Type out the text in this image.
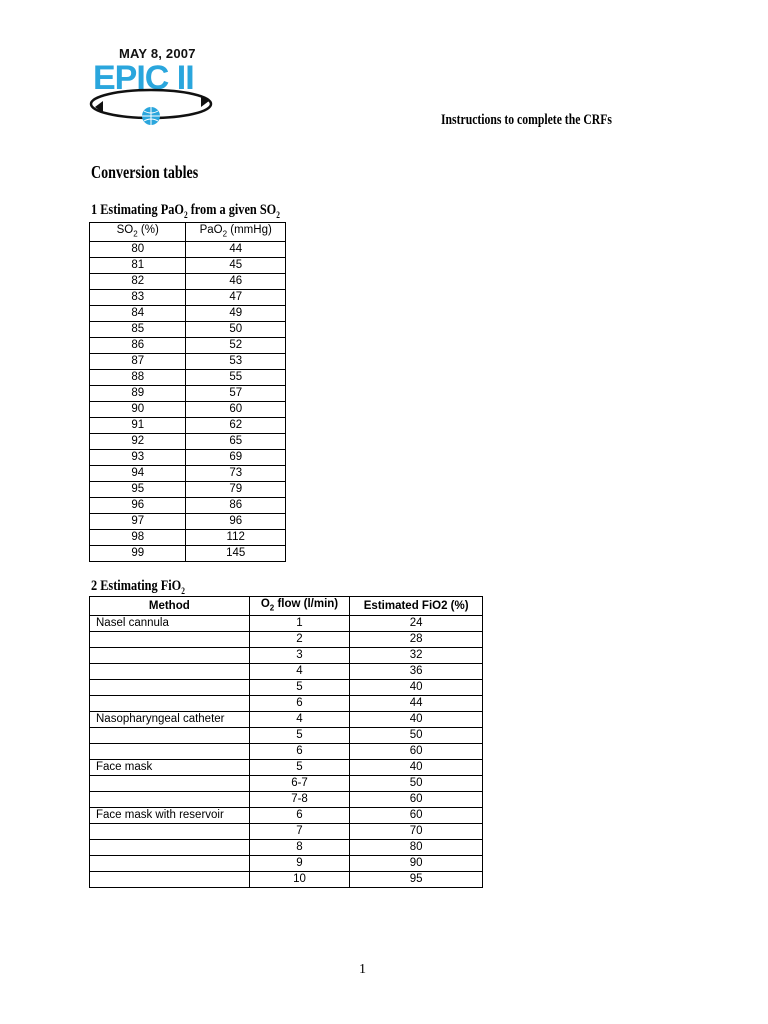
MAY 8, 2007
EPIC II
Instructions to complete the CRFs
Conversion tables
1 Estimating PaO$_2$ from a given $SO_2$
$SO_2$ (%)	PaO$_2$ (mmHg)
80	44
81	45
82	46
83	47
84	49
85	50
86	52
87	53
88	55
89	57
90	60
91	62
92	65
93	69
94	73
95	79
96	86
97	96
98	112
99	145
2 Estimating FiO$_2$
Method	$O_2$ flow (l/min)	Estimated FiO2 (%)
Nasel cannula	1	24
	2	28
	3	32
	4	36
	5	40
	6	44
Nasopharyngeal catheter	4	40
	5	50
	6	60
Face mask	5	40
	6-7	50
	7-8	60
Face mask with reservoir	6	60
	7	70
	8	80
	9	90
	10	95
1
